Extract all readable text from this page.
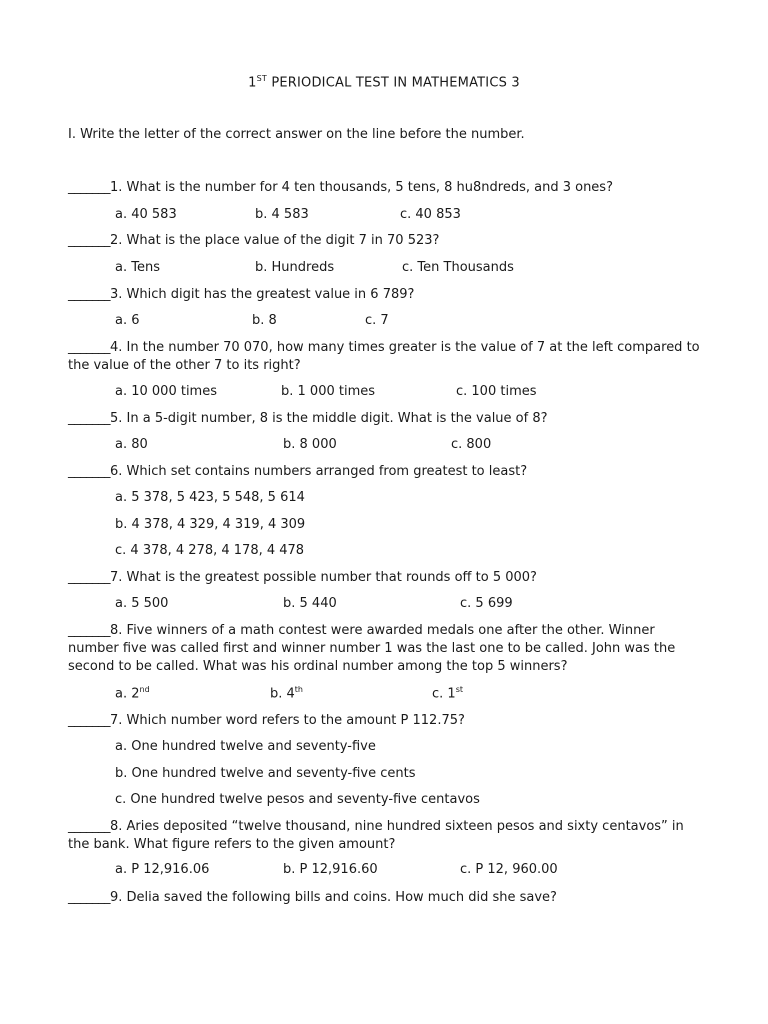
1ST PERIODICAL TEST IN MATHEMATICS 3
I. Write the letter of the correct answer on the line before the number.
_______1. What is the number for 4 ten thousands, 5 tens, 8 hu8ndreds, and 3 ones?
a. 40 583	b. 4 583	c. 40 853
_______2. What is the place value of the digit 7 in 70 523?
a. Tens	b. Hundreds	c. Ten Thousands
_______3. Which digit has the greatest value in 6 789?
a. 6	b. 8	c. 7
_______4. In the number 70 070, how many times greater is the value of 7 at the left compared to the value of the other 7 to its right?
a. 10 000 times	b. 1 000 times	c. 100 times
_______5. In a 5-digit number, 8 is the middle digit. What is the value of 8?
a. 80	b. 8 000	c. 800
_______6. Which set contains numbers arranged from greatest to least?
a. 5 378, 5 423, 5 548, 5 614
b. 4 378, 4 329, 4 319, 4 309
c. 4 378, 4 278, 4 178, 4 478
_______7. What is the greatest possible number that rounds off to 5 000?
a. 5 500	b. 5 440	c. 5 699
_______8. Five winners of a math contest were awarded medals one after the other. Winner number five was called first and winner number 1 was the last one to be called. John was the second to be called. What was his ordinal number among the top 5 winners?
a. 2nd	b. 4th	c. 1st
_______7. Which number word refers to the amount P 112.75?
a. One hundred twelve and seventy-five
b. One hundred twelve and seventy-five cents
c. One hundred twelve pesos and seventy-five centavos
_______8. Aries deposited “twelve thousand, nine hundred sixteen pesos and sixty centavos” in the bank. What figure refers to the given amount?
a. P 12,916.06	b. P 12,916.60	c. P 12, 960.00
_______9. Delia saved the following bills and coins. How much did she save?
